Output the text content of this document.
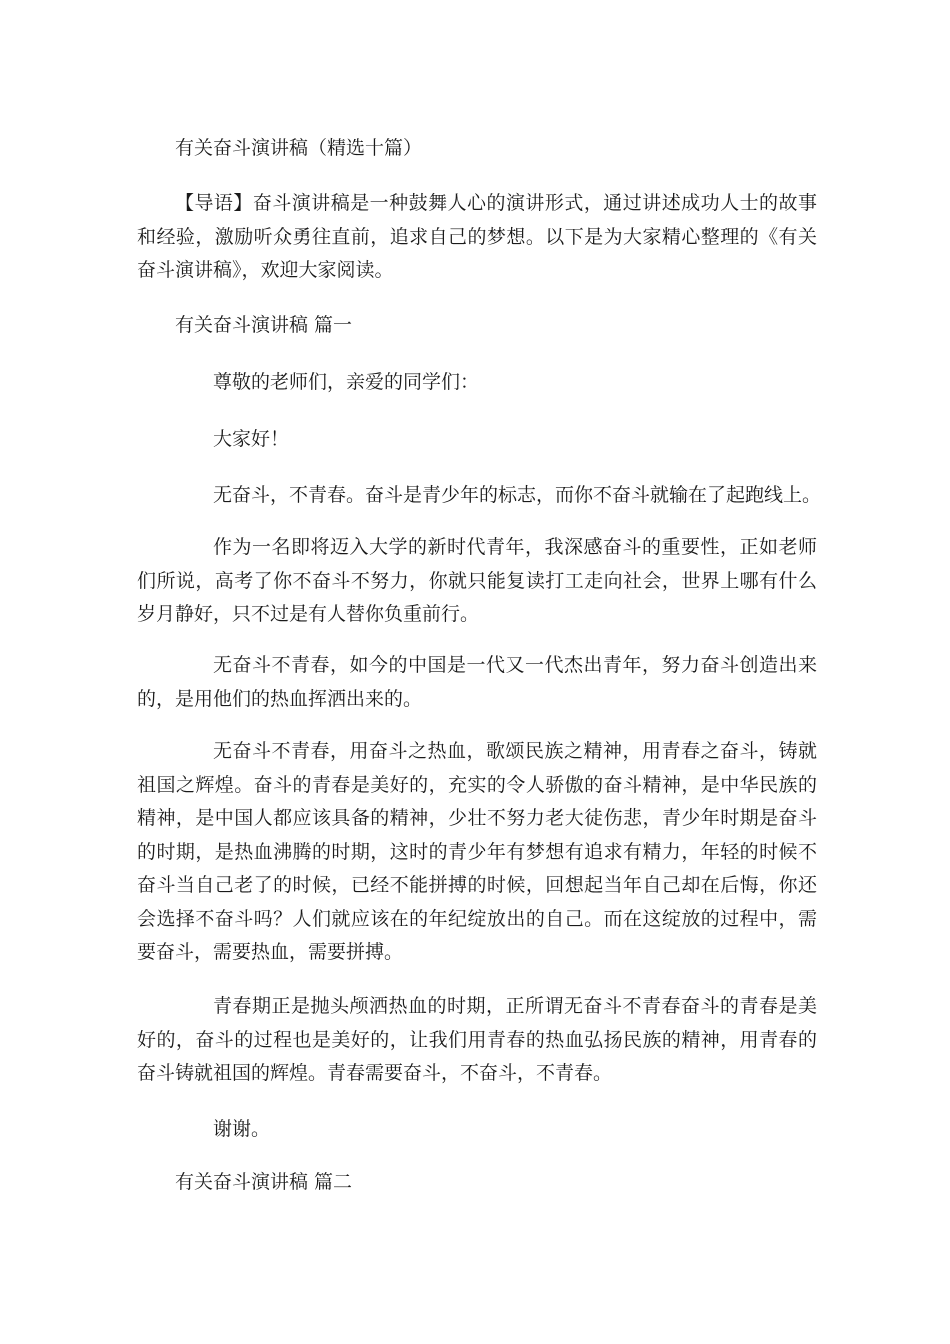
有关奋斗演讲稿（精选十篇）

【导语】奋斗演讲稿是一种鼓舞人心的演讲形式，通过讲述成功人士的故事和经验，激励听众勇往直前，追求自己的梦想。以下是为大家精心整理的《有关奋斗演讲稿》，欢迎大家阅读。

有关奋斗演讲稿 篇一

尊敬的老师们，亲爱的同学们：

大家好！

无奋斗，不青春。奋斗是青少年的标志，而你不奋斗就输在了起跑线上。

作为一名即将迈入大学的新时代青年，我深感奋斗的重要性，正如老师们所说，高考了你不奋斗不努力，你就只能复读打工走向社会，世界上哪有什么岁月静好，只不过是有人替你负重前行。

无奋斗不青春，如今的中国是一代又一代杰出青年，努力奋斗创造出来的，是用他们的热血挥洒出来的。

无奋斗不青春，用奋斗之热血，歌颂民族之精神，用青春之奋斗，铸就祖国之辉煌。奋斗的青春是美好的，充实的令人骄傲的奋斗精神，是中华民族的精神，是中国人都应该具备的精神，少壮不努力老大徒伤悲，青少年时期是奋斗的时期，是热血沸腾的时期，这时的青少年有梦想有追求有精力，年轻的时候不奋斗当自己老了的时候，已经不能拼搏的时候，回想起当年自己却在后悔，你还会选择不奋斗吗？人们就应该在的年纪绽放出的自己。而在这绽放的过程中，需要奋斗，需要热血，需要拼搏。

青春期正是抛头颅洒热血的时期，正所谓无奋斗不青春奋斗的青春是美好的，奋斗的过程也是美好的，让我们用青春的热血弘扬民族的精神，用青春的奋斗铸就祖国的辉煌。青春需要奋斗，不奋斗，不青春。

谢谢。

有关奋斗演讲稿 篇二
